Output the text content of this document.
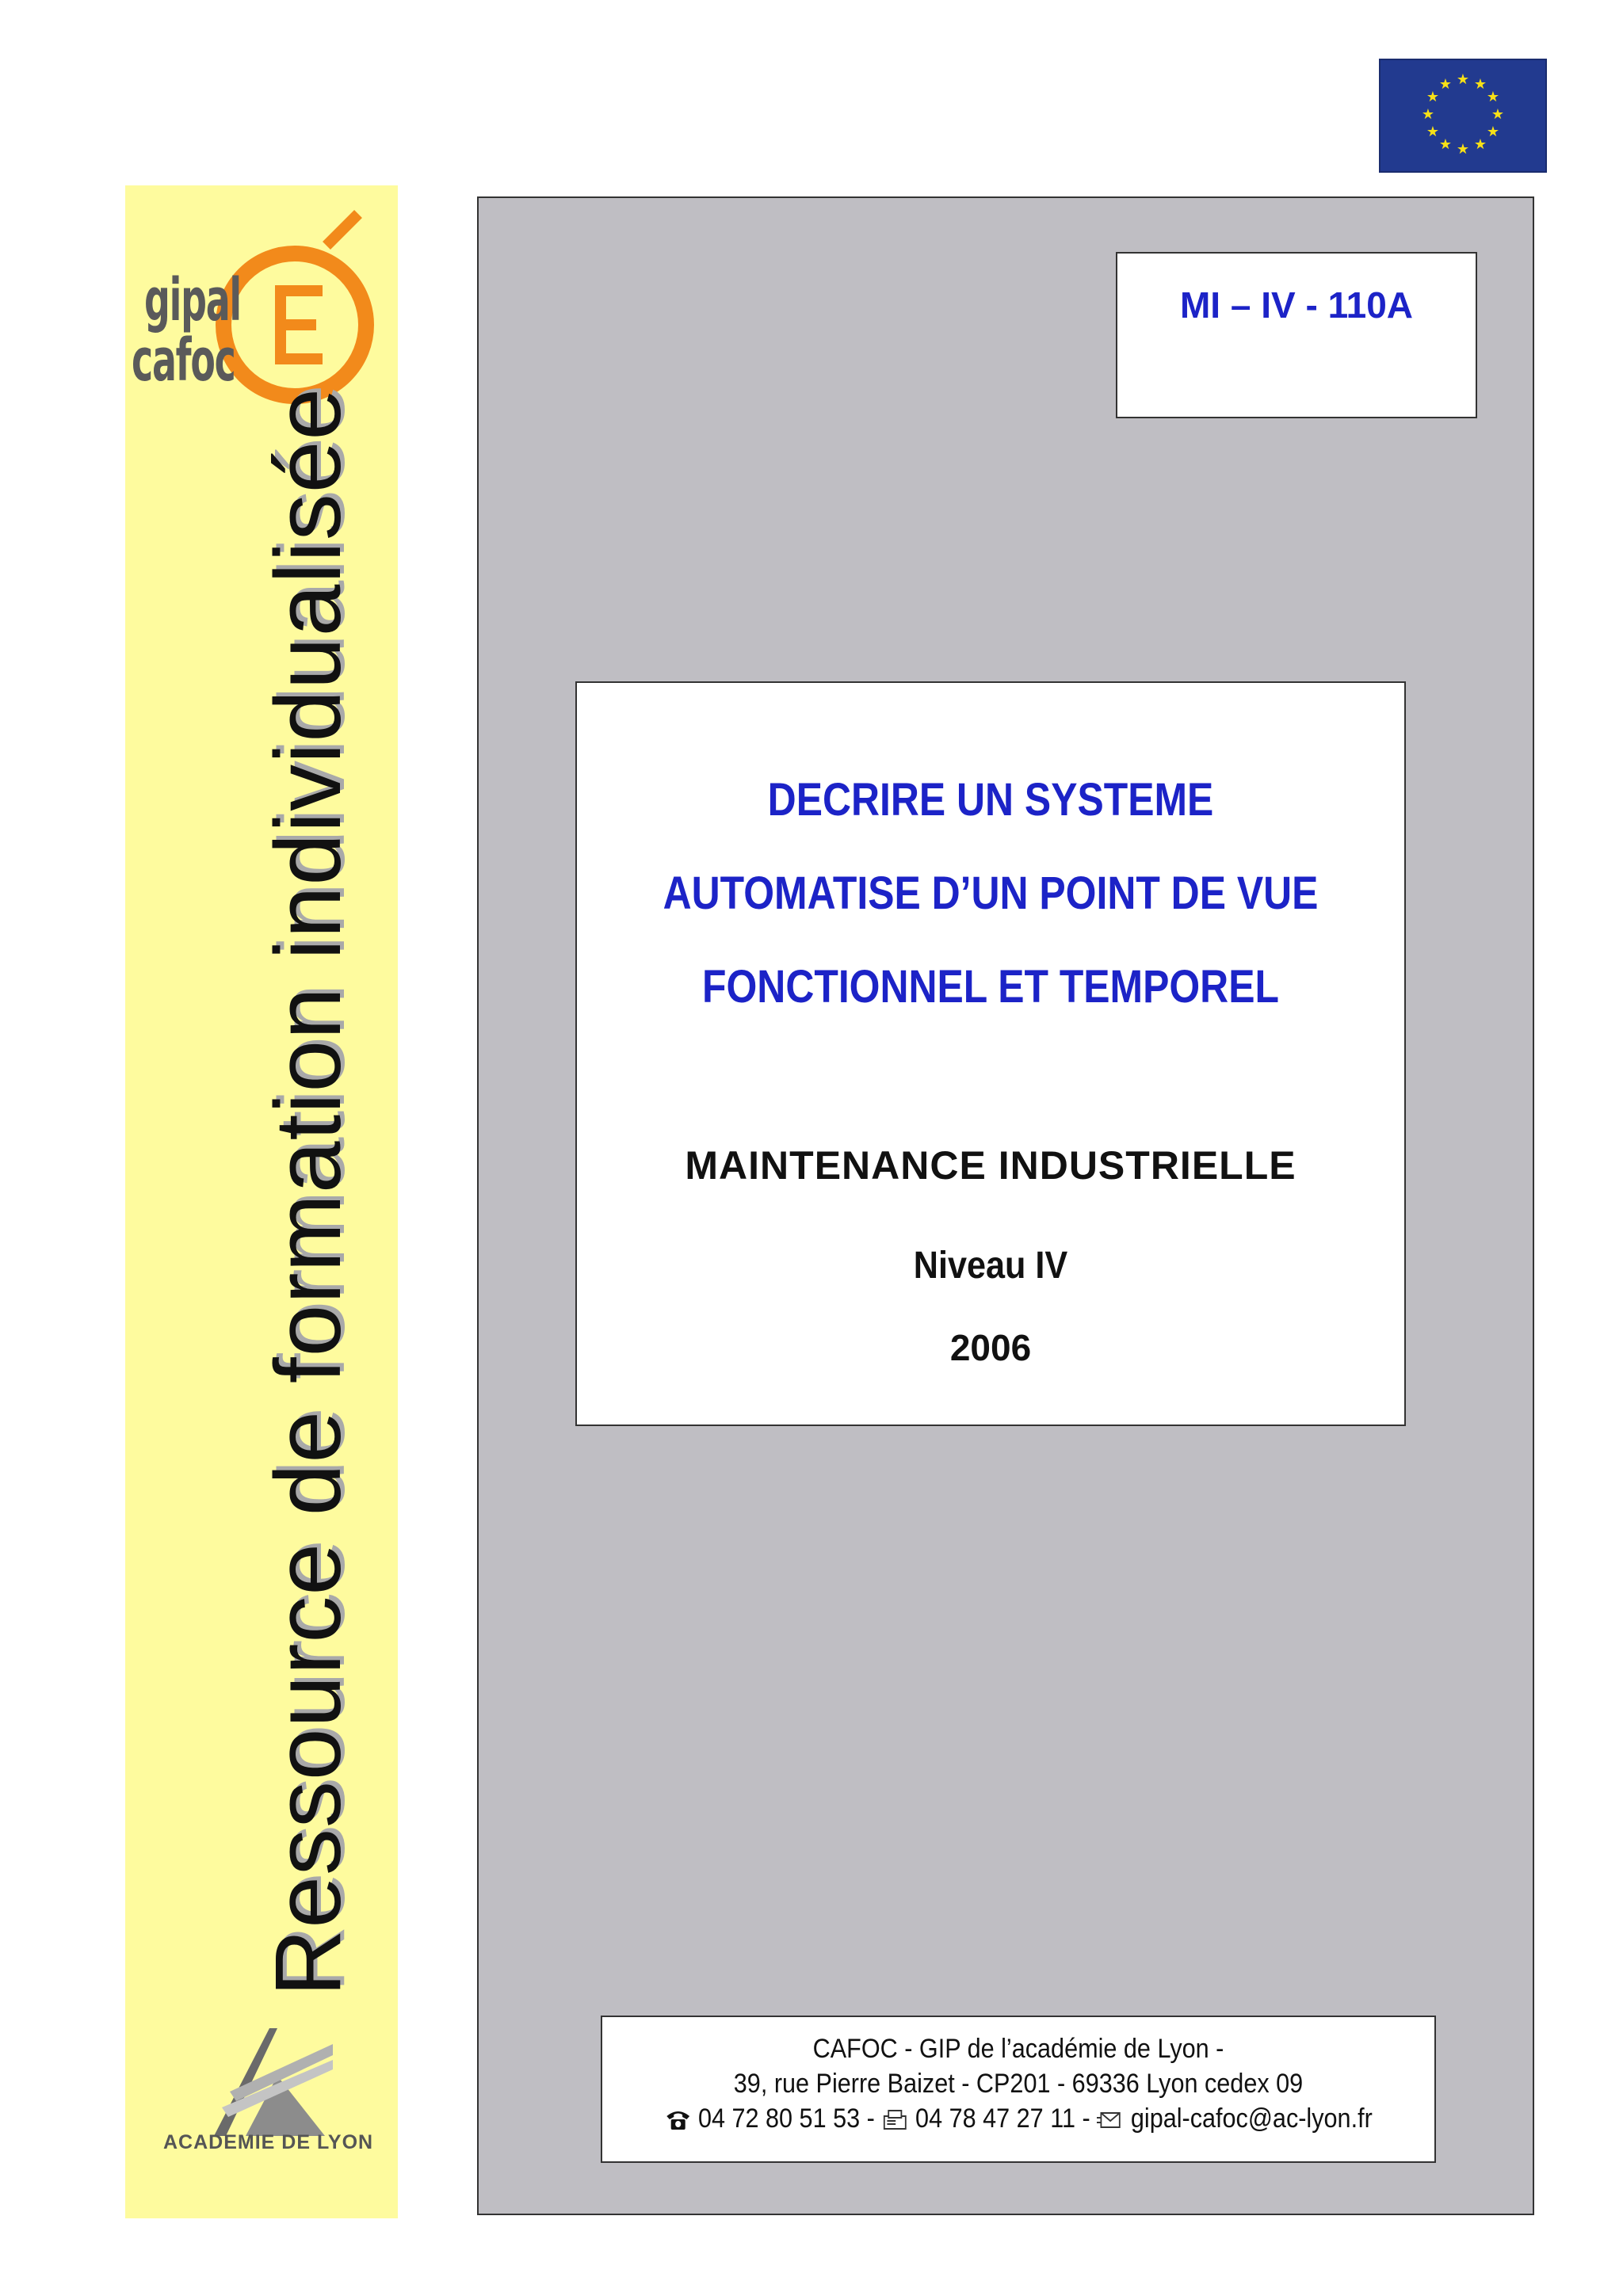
★ ★
★
★
★
★
★
★
★
★
★
★
gipal
cafoc
Ressource de formation individualisée
ACADEMIE DE LYON
MI – IV - 110A
DECRIRE UN SYSTEME
AUTOMATISE D’UN POINT DE VUE
FONCTIONNEL ET TEMPOREL
MAINTENANCE INDUSTRIELLE
Niveau IV
2006
CAFOC - GIP de l’académie de Lyon -
39, rue Pierre Baizet - CP201 - 69336 Lyon cedex 09
04 72 80 51 53 - 04 78 47 27 11 - gipal-cafoc@ac-lyon.fr
